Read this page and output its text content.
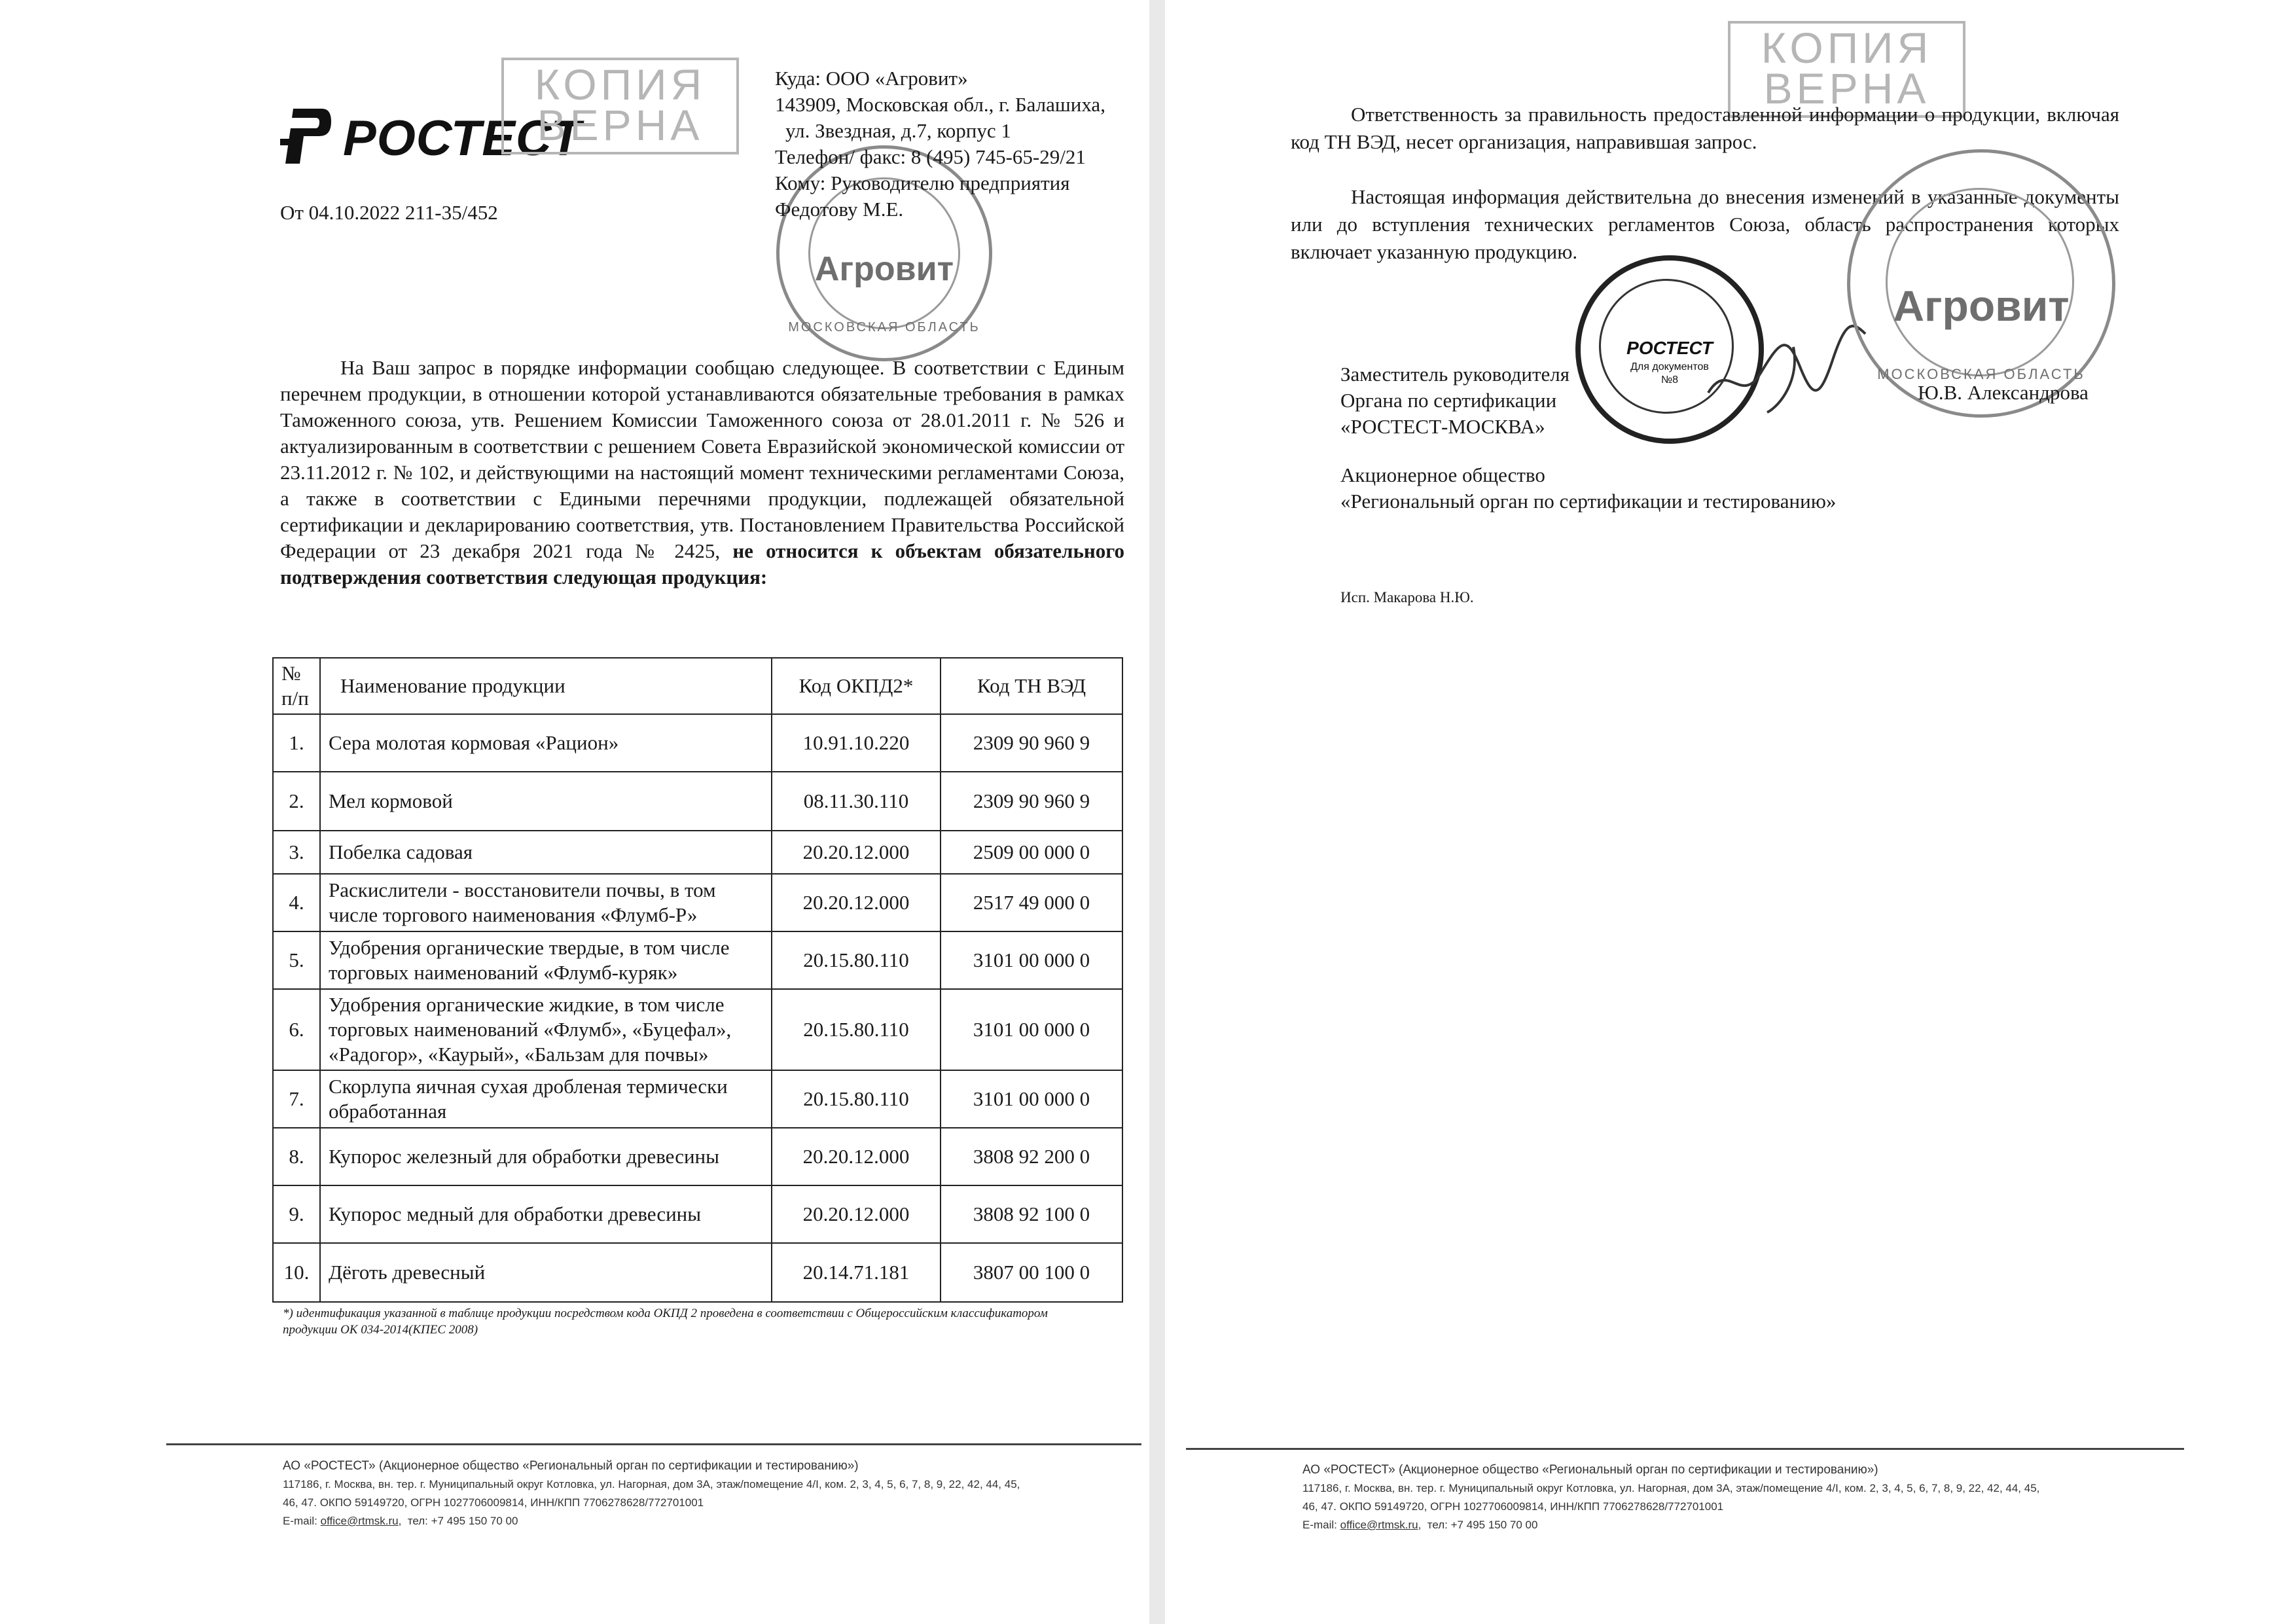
РОСТЕСТ
От 04.10.2022 211-35/452
КОПИЯ
ВЕРНА
Агровит
МОСКОВСКАЯ ОБЛАСТЬ
Куда: ООО «Агровит»
143909, Московская обл., г. Балашиха,
ул. Звездная, д.7, корпус 1
Телефон/ факс: 8 (495) 745-65-29/21
Кому: Руководителю предприятия
Федотову М.Е.
На Ваш запрос в порядке информации сообщаю следующее. В соответствии с Единым перечнем продукции, в отношении которой устанавливаются обязательные требования в рамках Таможенного союза, утв. Решением Комиссии Таможенного союза от 28.01.2011 г. № 526 и актуализированным в соответствии с решением Совета Евразийской экономической комиссии от 23.11.2012 г. № 102, и действующими на настоящий момент техническими регламентами Союза, а также в соответствии с Едиными перечнями продукции, подлежащей обязательной сертификации и декларированию соответствия, утв. Постановлением Правительства Российской Федерации от 23 декабря 2021 года № 2425, не относится к объектам обязательного подтверждения соответствия следующая продукция:
№ п/п	Наименование продукции	Код ОКПД2*	Код ТН ВЭД
1.	Сера молотая кормовая «Рацион»	10.91.10.220	2309 90 960 9
2.	Мел кормовой	08.11.30.110	2309 90 960 9
3.	Побелка садовая	20.20.12.000	2509 00 000 0
4.	Раскислители - восстановители почвы, в том числе торгового наименования «Флумб-Р»	20.20.12.000	2517 49 000 0
5.	Удобрения органические твердые, в том числе торговых наименований «Флумб-куряк»	20.15.80.110	3101 00 000 0
6.	Удобрения органические жидкие, в том числе торговых наименований «Флумб», «Буцефал», «Радогор», «Каурый», «Бальзам для почвы»	20.15.80.110	3101 00 000 0
7.	Скорлупа яичная сухая дробленая термически обработанная	20.15.80.110	3101 00 000 0
8.	Купорос железный для обработки древесины	20.20.12.000	3808 92 200 0
9.	Купорос медный для обработки древесины	20.20.12.000	3808 92 100 0
10.	Дёготь древесный	20.14.71.181	3807 00 100 0
*) идентификация указанной в таблице продукции посредством кода ОКПД 2 проведена в соответствии с Общероссийским классификатором продукции ОК 034-2014(КПЕС 2008)
АО «РОСТЕСТ» (Акционерное общество «Региональный орган по сертификации и тестированию»)
117186, г. Москва, вн. тер. г. Муниципальный округ Котловка, ул. Нагорная, дом 3А, этаж/помещение 4/I, ком. 2, 3, 4, 5, 6, 7, 8, 9, 22, 42, 44, 45,
46, 47. ОКПО 59149720, ОГРН 1027706009814, ИНН/КПП 7706278628/772701001
E-mail: office@rtmsk.ru,  тел: +7 495 150 70 00
КОПИЯ
ВЕРНА
Ответственность за правильность предоставленной информации о продукции, включая код ТН ВЭД, несет организация, направившая запрос.
Настоящая информация действительна до внесения изменений в указанные документы или до вступления технических регламентов Союза, область распространения которых включает указанную продукцию.
РОСТЕСТ
Для документов
№8
Агровит
МОСКОВСКАЯ ОБЛАСТЬ
Заместитель руководителя
Органа по сертификации
«РОСТЕСТ-МОСКВА»
Ю.В. Александрова
Акционерное общество
«Региональный орган по сертификации и тестированию»
Исп. Макарова Н.Ю.
АО «РОСТЕСТ» (Акционерное общество «Региональный орган по сертификации и тестированию»)
117186, г. Москва, вн. тер. г. Муниципальный округ Котловка, ул. Нагорная, дом 3А, этаж/помещение 4/I, ком. 2, 3, 4, 5, 6, 7, 8, 9, 22, 42, 44, 45,
46, 47. ОКПО 59149720, ОГРН 1027706009814, ИНН/КПП 7706278628/772701001
E-mail: office@rtmsk.ru,  тел: +7 495 150 70 00
